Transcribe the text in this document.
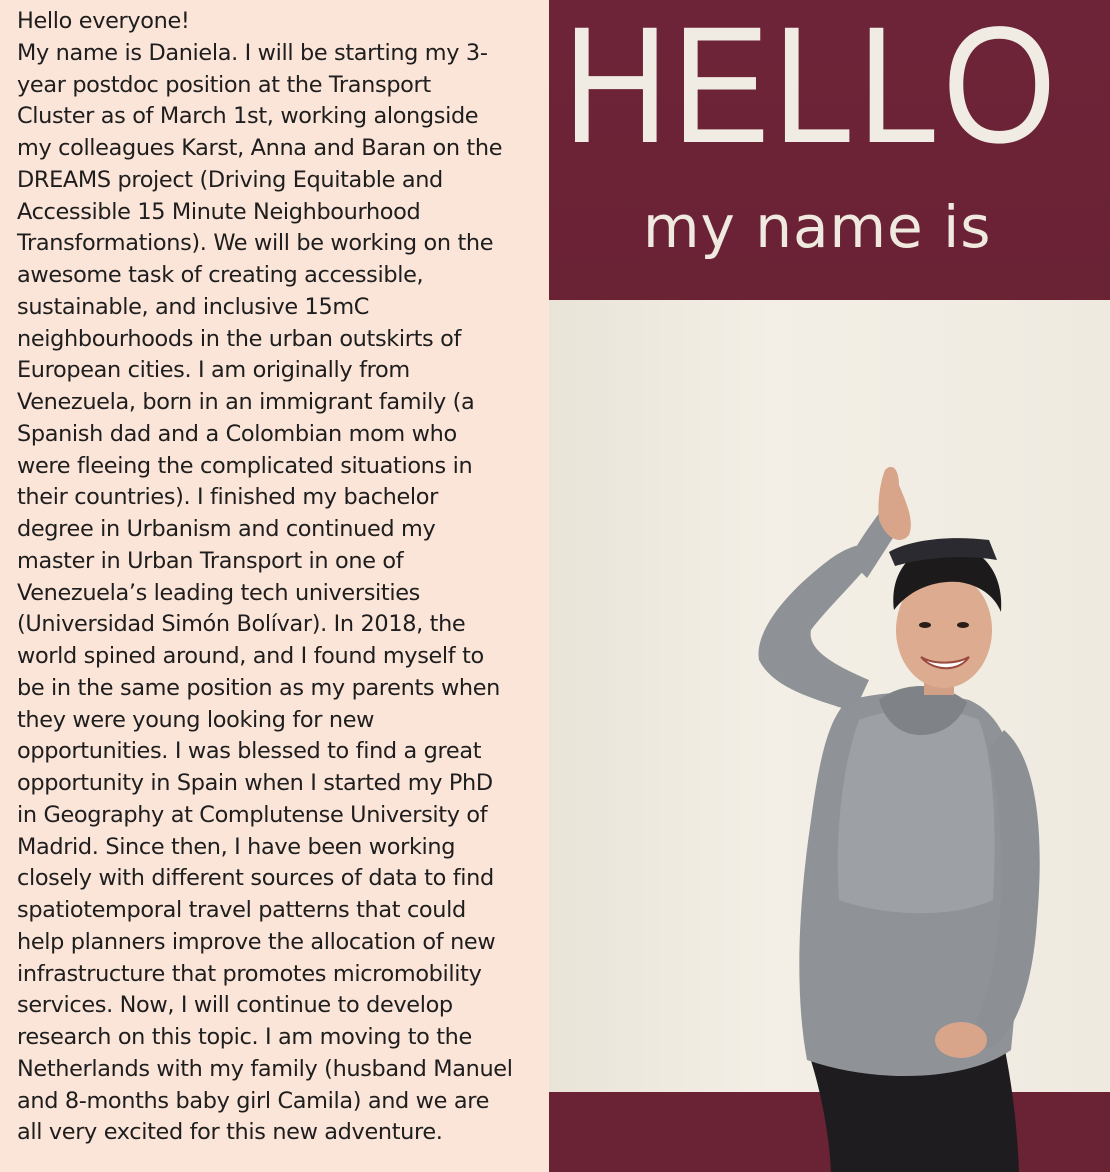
Hello everyone!
My name is Daniela. I will be starting my 3-
year postdoc position at the Transport
Cluster as of March 1st, working alongside
my colleagues Karst, Anna and Baran on the
DREAMS project (Driving Equitable and
Accessible 15 Minute Neighbourhood
Transformations). We will be working on the
awesome task of creating accessible,
sustainable, and inclusive 15mC
neighbourhoods in the urban outskirts of
European cities. I am originally from
Venezuela, born in an immigrant family (a
Spanish dad and a Colombian mom who
were fleeing the complicated situations in
their countries). I finished my bachelor
degree in Urbanism and continued my
master in Urban Transport in one of
Venezuela’s leading tech universities
(Universidad Simón Bolívar). In 2018, the
world spined around, and I found myself to
be in the same position as my parents when
they were young looking for new
opportunities. I was blessed to find a great
opportunity in Spain when I started my PhD
in Geography at Complutense University of
Madrid. Since then, I have been working
closely with different sources of data to find
spatiotemporal travel patterns that could
help planners improve the allocation of new
infrastructure that promotes micromobility
services. Now, I will continue to develop
research on this topic. I am moving to the
Netherlands with my family (husband Manuel
and 8-months baby girl Camila) and we are
all very excited for this new adventure.

HELLO
my name is
